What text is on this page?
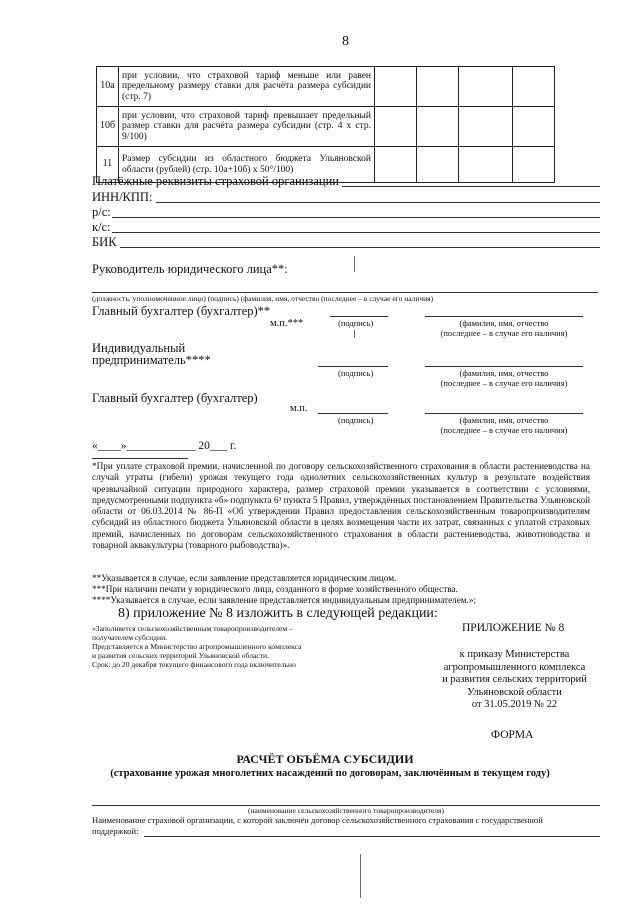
8
10а	при условии, что страховой тариф меньше или равен предельному размеру ставки для расчёта размера субсидии (стр. 7)				
10б	при условии, что страховой тариф превышает предельный размер ставки для расчёта размера субсидии (стр. 4 х стр. 9/100)				
11	Размер субсидии из областного бюджета Ульяновской области (рублей) (стр. 10а+10б) х 50°/100)				
Платёжные реквизиты страховой организации
ИНН/КПП:
р/с:
к/с:
БИК
Руководитель юридического лица**:
(должность, уполномоченное лицо) (подпись) (фамилия, имя, отчество (последнее – в случае его наличия)
Главный бухгалтер (бухгалтер)**
м.п.***	(подпись)	(фамилия, имя, отчество
(последнее – в случае его наличия)
Индивидуальный
предприниматель****
(подпись)	(фамилия, имя, отчество
(последнее – в случае его наличия)
Главный бухгалтер (бухгалтер)
м.п.
(подпись)	(фамилия, имя, отчество
(последнее – в случае его наличия)
«____»____________ 20___ г.
*При уплате страховой премии, начисленной по договору сельскохозяйственного страхования в области растениеводства на случай утраты (гибели) урожая текущего года однолетних сельскохозяйственных культур в результате воздействия чрезвычайной ситуации природного характера, размер страховой премии указывается в соответствии с условиями, предусмотренными подпункта «б» подпункта 6³ пункта 5 Правил, утверждённых постановлением Правительства Ульяновской области от 06.03.2014 № 86-П «Об утверждении Правил предоставления сельскохозяйственным товаропроизводителям субсидий из областного бюджета Ульяновской области в целях возмещения части их затрат, связанных с уплатой страховых премий, начисленных по договорам сельскохозяйственного страхования в области растениеводства, животноводства и товарной аквакультуры (товарного рыбоводства)».
**Указывается в случае, если заявление представляется юридическим лицом.
***При наличии печати у юридического лица, созданного в форме хозяйственного общества.
****Указывается в случае, если заявление представляется индивидуальным предпринимателем.»;
8) приложение № 8 изложить в следующей редакции:
«Заполняется сельскохозяйственным товаропроизводителем –
получателем субсидии.
Представляется в Министерство агропромышленного комплекса
и развития сельских территорий Ульяновской области.
Срок: до 20 декабря текущего финансового года включительно
ПРИЛОЖЕНИЕ № 8
к приказу Министерства
агропромышленного комплекса
и развития сельских территорий
Ульяновской области
от 31.05.2019 № 22
ФОРМА
РАСЧЁТ ОБЪЁМА СУБСИДИИ
(страхование урожая многолетних насаждений по договорам, заключённым в текущем году)
(наименование сельскохозяйственного товаропроизводителя)
Наименование страховой организации, с которой заключён договор сельскохозяйственного страхования с государственной
поддержкой:
